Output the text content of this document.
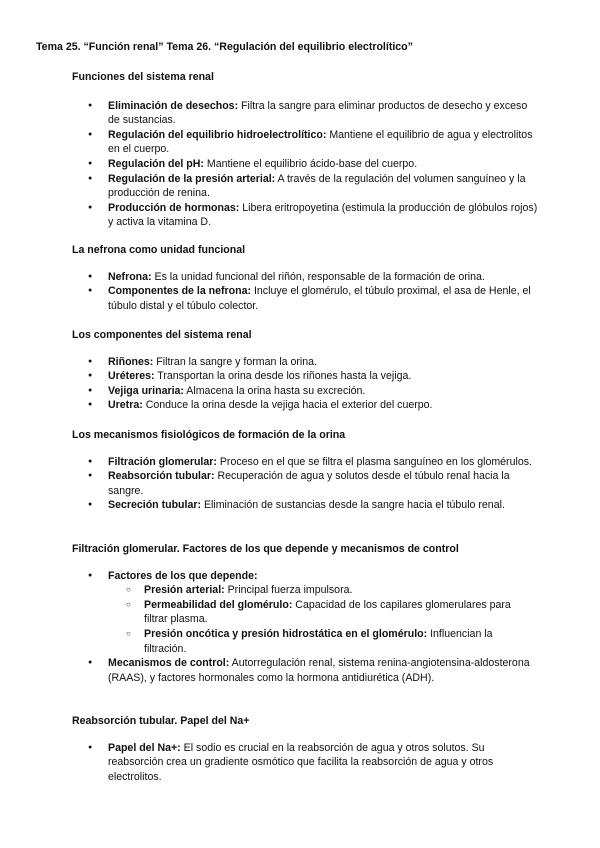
Tema 25. “Función renal” Tema 26. “Regulación del equilibrio electrolítico”
Funciones del sistema renal
● Eliminación de desechos: Filtra la sangre para eliminar productos de desecho y exceso de sustancias.
● Regulación del equilibrio hidroelectrolítico: Mantiene el equilibrio de agua y electrolitos en el cuerpo.
● Regulación del pH: Mantiene el equilibrio ácido-base del cuerpo.
● Regulación de la presión arterial: A través de la regulación del volumen sanguíneo y la producción de renina.
● Producción de hormonas: Libera eritropoyetina (estimula la producción de glóbulos rojos) y activa la vitamina D.
La nefrona como unidad funcional
● Nefrona: Es la unidad funcional del riñón, responsable de la formación de orina.
● Componentes de la nefrona: Incluye el glomérulo, el túbulo proximal, el asa de Henle, el túbulo distal y el túbulo colector.
Los componentes del sistema renal
● Riñones: Filtran la sangre y forman la orina.
● Uréteres: Transportan la orina desde los riñones hasta la vejiga.
● Vejiga urinaria: Almacena la orina hasta su excreción.
● Uretra: Conduce la orina desde la vejiga hacia el exterior del cuerpo.
Los mecanismos fisiológicos de formación de la orina
● Filtración glomerular: Proceso en el que se filtra el plasma sanguíneo en los glomérulos.
● Reabsorción tubular: Recuperación de agua y solutos desde el túbulo renal hacia la sangre.
● Secreción tubular: Eliminación de sustancias desde la sangre hacia el túbulo renal.
Filtración glomerular. Factores de los que depende y mecanismos de control
● Factores de los que depende:
○ Presión arterial: Principal fuerza impulsora.
○ Permeabilidad del glomérulo: Capacidad de los capilares glomerulares para filtrar plasma.
○ Presión oncótica y presión hidrostática en el glomérulo: Influencian la filtración.
● Mecanismos de control: Autorregulación renal, sistema renina-angiotensina-aldosterona (RAAS), y factores hormonales como la hormona antidiurética (ADH).
Reabsorción tubular. Papel del Na+
● Papel del Na+: El sodio es crucial en la reabsorción de agua y otros solutos. Su reabsorción crea un gradiente osmótico que facilita la reabsorción de agua y otros electrolitos.
